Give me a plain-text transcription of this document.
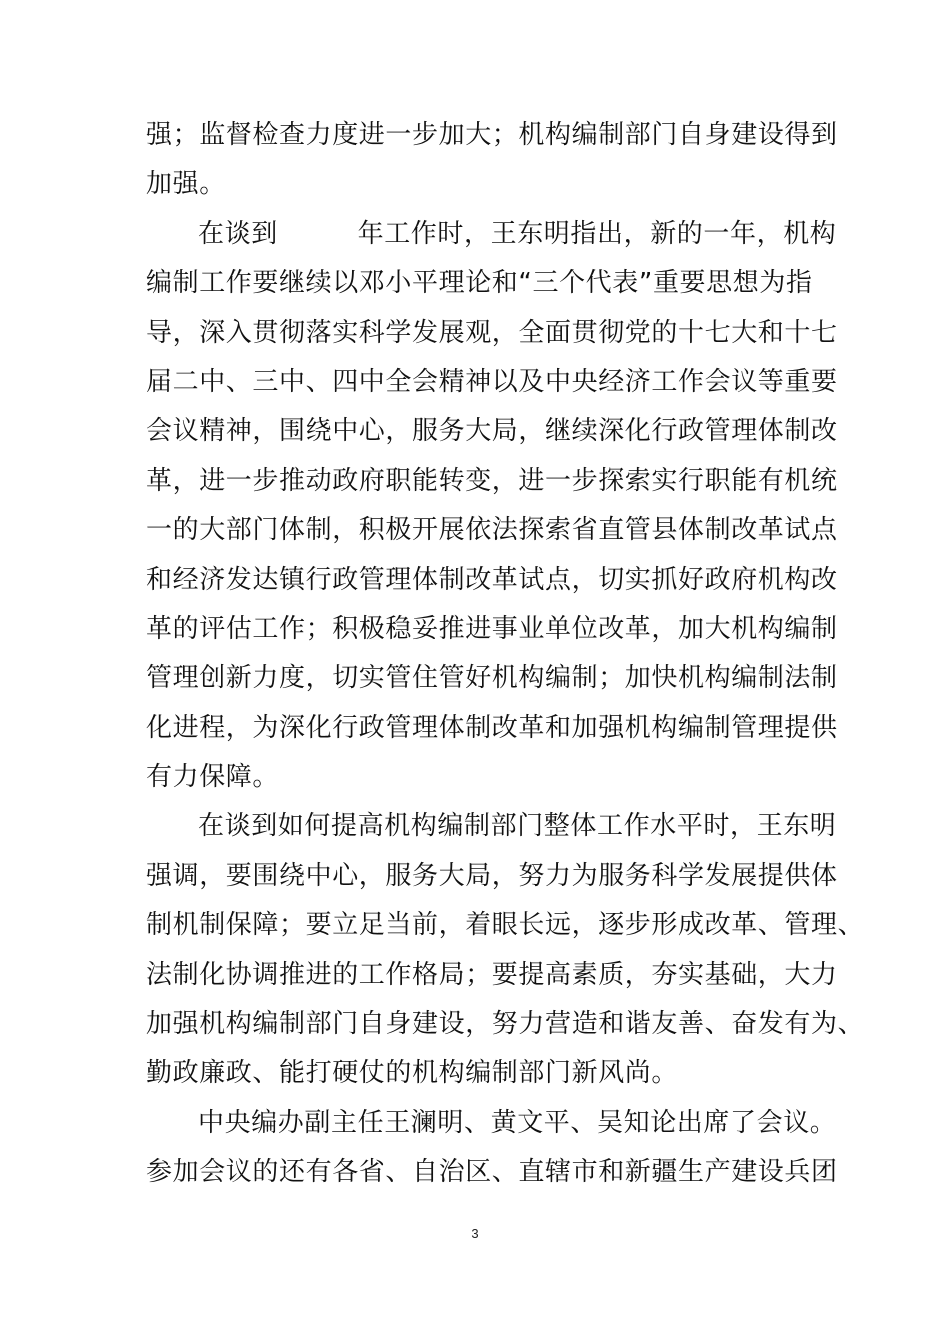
强；监督检查力度进一步加大；机构编制部门自身建设得到
加强。
在谈到　　　年工作时，王东明指出，新的一年，机构
编制工作要继续以邓小平理论和“三个代表”重要思想为指
导，深入贯彻落实科学发展观，全面贯彻党的十七大和十七
届二中、三中、四中全会精神以及中央经济工作会议等重要
会议精神，围绕中心，服务大局，继续深化行政管理体制改
革，进一步推动政府职能转变，进一步探索实行职能有机统
一的大部门体制，积极开展依法探索省直管县体制改革试点
和经济发达镇行政管理体制改革试点，切实抓好政府机构改
革的评估工作；积极稳妥推进事业单位改革，加大机构编制
管理创新力度，切实管住管好机构编制；加快机构编制法制
化进程，为深化行政管理体制改革和加强机构编制管理提供
有力保障。
在谈到如何提高机构编制部门整体工作水平时，王东明
强调，要围绕中心，服务大局，努力为服务科学发展提供体
制机制保障；要立足当前，着眼长远，逐步形成改革、管理、
法制化协调推进的工作格局；要提高素质，夯实基础，大力
加强机构编制部门自身建设，努力营造和谐友善、奋发有为、
勤政廉政、能打硬仗的机构编制部门新风尚。
中央编办副主任王澜明、黄文平、吴知论出席了会议。
参加会议的还有各省、自治区、直辖市和新疆生产建设兵团
3
